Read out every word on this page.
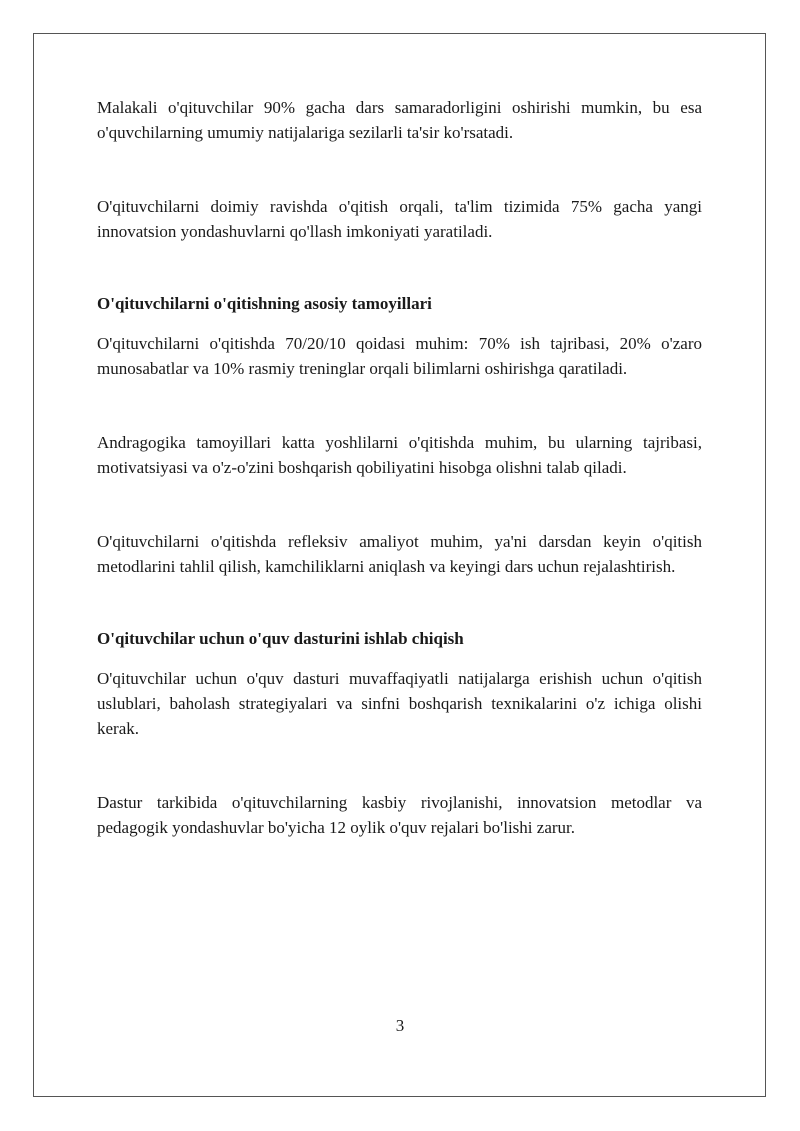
Malakali o'qituvchilar 90% gacha dars samaradorligini oshirishi mumkin, bu esa o'quvchilarning umumiy natijalariga sezilarli ta'sir ko'rsatadi.

O'qituvchilarni doimiy ravishda o'qitish orqali, ta'lim tizimida 75% gacha yangi innovatsion yondashuvlarni qo'llash imkoniyati yaratiladi.

O'qituvchilarni o'qitishning asosiy tamoyillari

O'qituvchilarni o'qitishda 70/20/10 qoidasi muhim: 70% ish tajribasi, 20% o'zaro munosabatlar va 10% rasmiy treninglar orqali bilimlarni oshirishga qaratiladi.

Andragogika tamoyillari katta yoshlilarni o'qitishda muhim, bu ularning tajribasi, motivatsiyasi va o'z-o'zini boshqarish qobiliyatini hisobga olishni talab qiladi.

O'qituvchilarni o'qitishda refleksiv amaliyot muhim, ya'ni darsdan keyin o'qitish metodlarini tahlil qilish, kamchiliklarni aniqlash va keyingi dars uchun rejalashtirish.

O'qituvchilar uchun o'quv dasturini ishlab chiqish

O'qituvchilar uchun o'quv dasturi muvaffaqiyatli natijalarga erishish uchun o'qitish uslublari, baholash strategiyalari va sinfni boshqarish texnikalarini o'z ichiga olishi kerak.

Dastur tarkibida o'qituvchilarning kasbiy rivojlanishi, innovatsion metodlar va pedagogik yondashuvlar bo'yicha 12 oylik o'quv rejalari bo'lishi zarur.

3
